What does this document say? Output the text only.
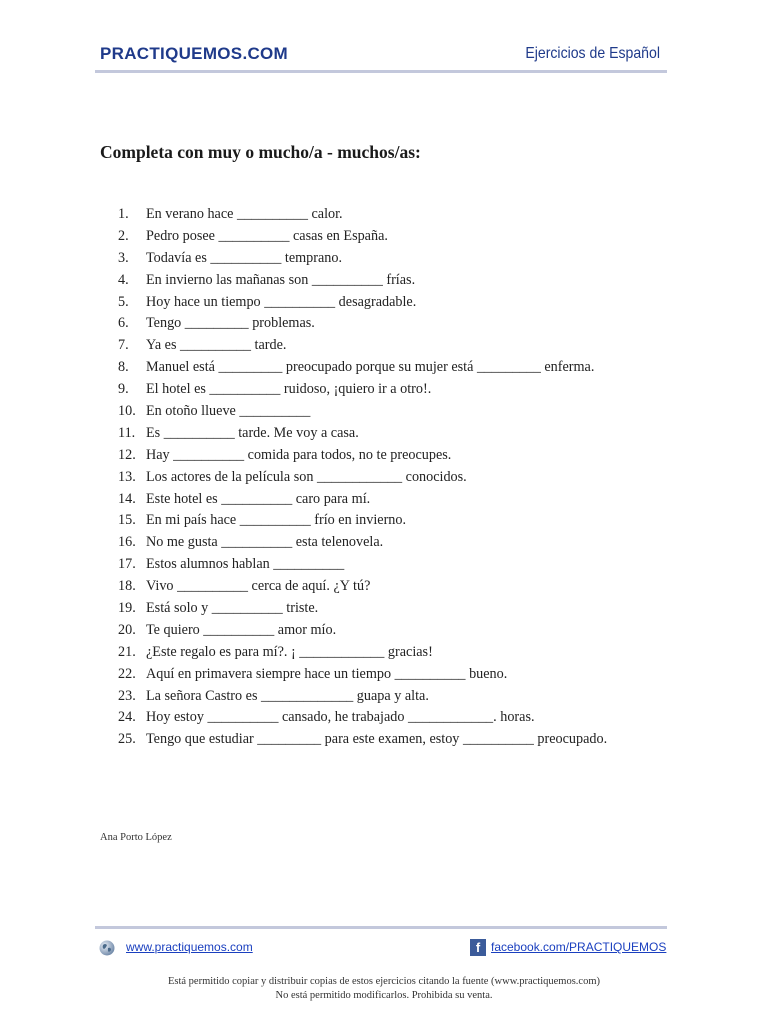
PRACTIQUEMOS.COM	Ejercicios de Español
Completa con muy o mucho/a - muchos/as:
1. En verano hace __________ calor.
2. Pedro posee __________ casas en España.
3. Todavía es __________ temprano.
4. En invierno las mañanas son __________ frías.
5. Hoy hace un tiempo __________ desagradable.
6. Tengo _________ problemas.
7. Ya es __________ tarde.
8. Manuel está _________ preocupado porque su mujer está _________ enferma.
9. El hotel es __________ ruidoso, ¡quiero ir a otro!.
10. En otoño llueve __________
11. Es __________ tarde. Me voy a casa.
12. Hay __________ comida para todos, no te preocupes.
13. Los actores de la película son ____________ conocidos.
14. Este hotel es __________ caro para mí.
15. En mi país hace __________ frío en invierno.
16. No me gusta __________ esta telenovela.
17. Estos alumnos hablan __________
18. Vivo __________ cerca de aquí. ¿Y tú?
19. Está solo y __________ triste.
20. Te quiero __________ amor mío.
21. ¿Este regalo es para mí?. ¡ ____________ gracias!
22. Aquí en primavera siempre hace un tiempo __________ bueno.
23. La señora Castro es _____________ guapa y alta.
24. Hoy estoy __________ cansado, he trabajado ____________. horas.
25. Tengo que estudiar _________ para este examen, estoy __________ preocupado.
Ana Porto López
www.practiquemos.com	f facebook.com/PRACTIQUEMOS
Está permitido copiar y distribuir copias de estos ejercicios citando la fuente (www.practiquemos.com)
No está permitido modificarlos. Prohibida su venta.
